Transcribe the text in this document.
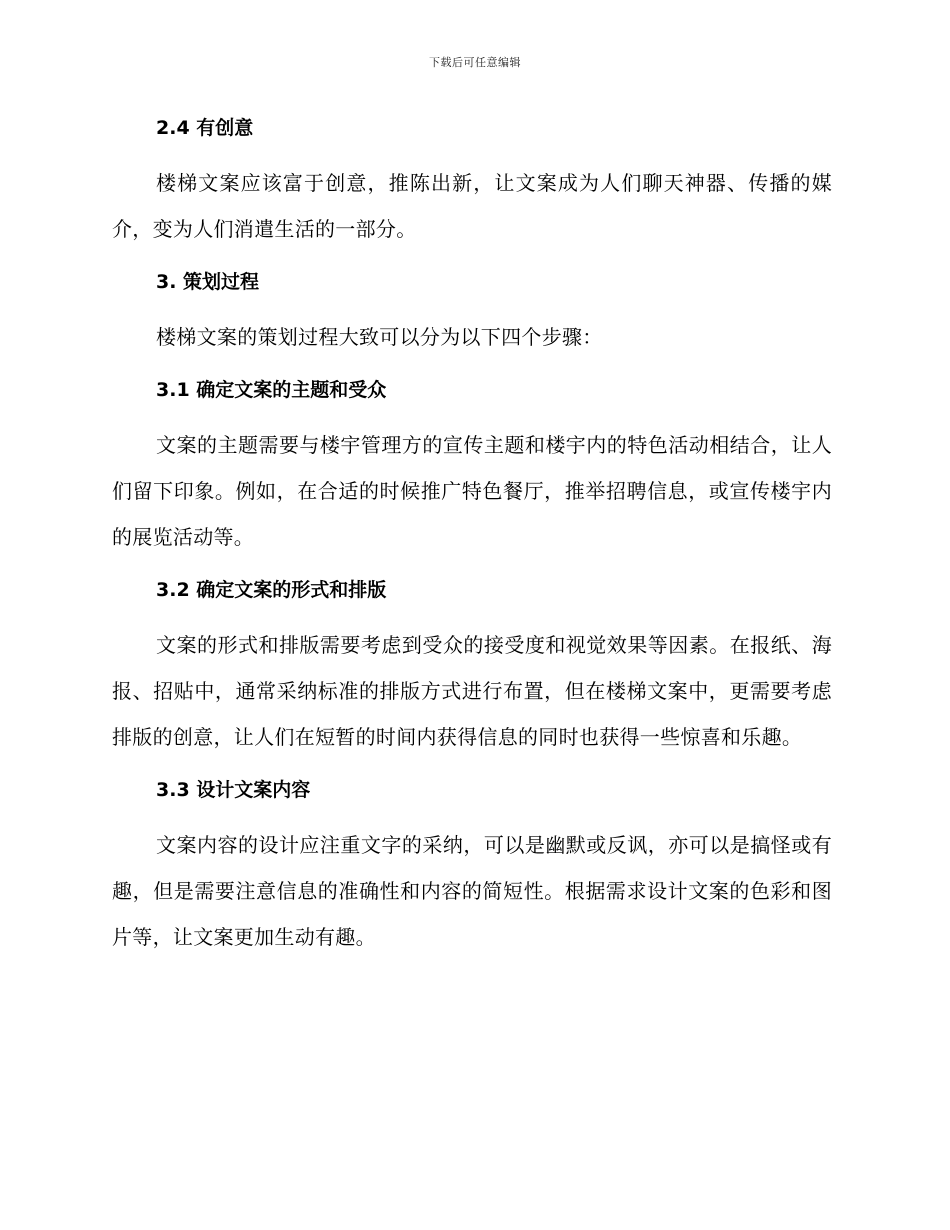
下载后可任意编辑
2.4 有创意

楼梯文案应该富于创意，推陈出新，让文案成为人们聊天神器、传播的媒介，变为人们消遣生活的一部分。

3. 策划过程

楼梯文案的策划过程大致可以分为以下四个步骤：

3.1 确定文案的主题和受众

文案的主题需要与楼宇管理方的宣传主题和楼宇内的特色活动相结合，让人们留下印象。例如，在合适的时候推广特色餐厅，推举招聘信息，或宣传楼宇内的展览活动等。

3.2 确定文案的形式和排版

文案的形式和排版需要考虑到受众的接受度和视觉效果等因素。在报纸、海报、招贴中，通常采纳标准的排版方式进行布置，但在楼梯文案中，更需要考虑排版的创意，让人们在短暂的时间内获得信息的同时也获得一些惊喜和乐趣。

3.3 设计文案内容

文案内容的设计应注重文字的采纳，可以是幽默或反讽，亦可以是搞怪或有趣，但是需要注意信息的准确性和内容的简短性。根据需求设计文案的色彩和图片等，让文案更加生动有趣。
